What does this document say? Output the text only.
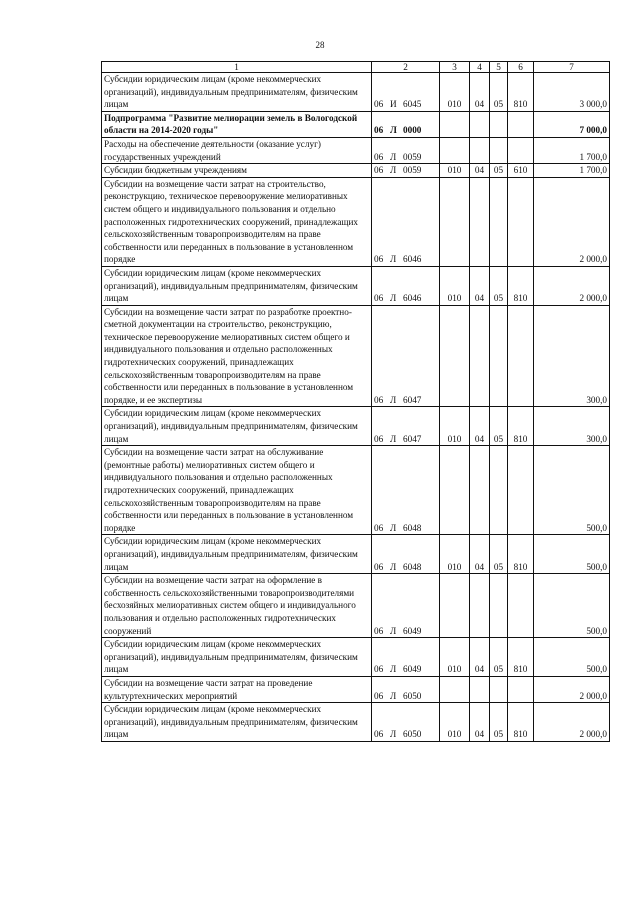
28
1	2	3	4	5	6	7
Субсидии юридическим лицам (кроме некоммерческих организаций), индивидуальным предпринимателям, физическим лицам	06 И 6045	010	04	05	810	3 000,0
Подпрограмма "Развитие мелиорации земель в Вологодской области на 2014-2020 годы"	06 Л 0000					7 000,0
Расходы на обеспечение деятельности (оказание услуг) государственных учреждений	06 Л 0059					1 700,0
Субсидии бюджетным учреждениям	06 Л 0059	010	04	05	610	1 700,0
Субсидии на возмещение части затрат на строительство, реконструкцию, техническое перевооружение мелиоративных систем общего и индивидуального пользования и отдельно расположенных гидротехнических сооружений, принадлежащих сельскохозяйственным товаропроизводителям на праве собственности или переданных в пользование в установленном порядке	06 Л 6046					2 000,0
Субсидии юридическим лицам (кроме некоммерческих организаций), индивидуальным предпринимателям, физическим лицам	06 Л 6046	010	04	05	810	2 000,0
Субсидии на возмещение части затрат по разработке проектно-сметной документации на строительство, реконструкцию, техническое перевооружение мелиоративных систем общего и индивидуального пользования и отдельно расположенных гидротехнических сооружений, принадлежащих сельскохозяйственным товаропроизводителям на праве собственности или переданных в пользование в установленном порядке, и ее экспертизы	06 Л 6047					300,0
Субсидии юридическим лицам (кроме некоммерческих организаций), индивидуальным предпринимателям, физическим лицам	06 Л 6047	010	04	05	810	300,0
Субсидии на возмещение части затрат на обслуживание (ремонтные работы) мелиоративных систем общего и индивидуального пользования и отдельно расположенных гидротехнических сооружений, принадлежащих сельскохозяйственным товаропроизводителям на праве собственности или переданных в пользование в установленном порядке	06 Л 6048					500,0
Субсидии юридическим лицам (кроме некоммерческих организаций), индивидуальным предпринимателям, физическим лицам	06 Л 6048	010	04	05	810	500,0
Субсидии на возмещение части затрат на оформление в собственность сельскохозяйственными товаропроизводителями бесхозяйных мелиоративных систем общего и индивидуального пользования и отдельно расположенных гидротехнических сооружений	06 Л 6049					500,0
Субсидии юридическим лицам (кроме некоммерческих организаций), индивидуальным предпринимателям, физическим лицам	06 Л 6049	010	04	05	810	500,0
Субсидии на возмещение части затрат на проведение культуртехнических мероприятий	06 Л 6050					2 000,0
Субсидии юридическим лицам (кроме некоммерческих организаций), индивидуальным предпринимателям, физическим лицам	06 Л 6050	010	04	05	810	2 000,0
